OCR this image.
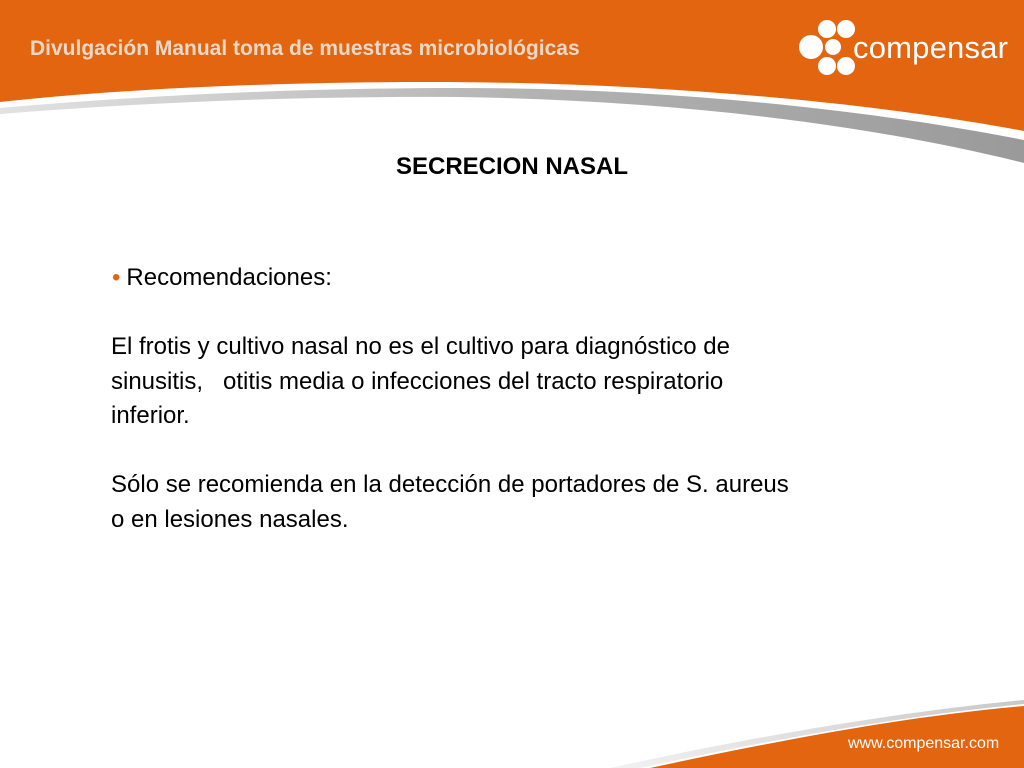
Divulgación Manual toma de muestras microbiológicas	compensar
SECRECION NASAL
• Recomendaciones:
El frotis y cultivo nasal no es el cultivo para diagnóstico de
sinusitis,   otitis media o infecciones del tracto respiratorio
inferior.
Sólo se recomienda en la detección de portadores de S. aureus
o en lesiones nasales.
www.compensar.com
